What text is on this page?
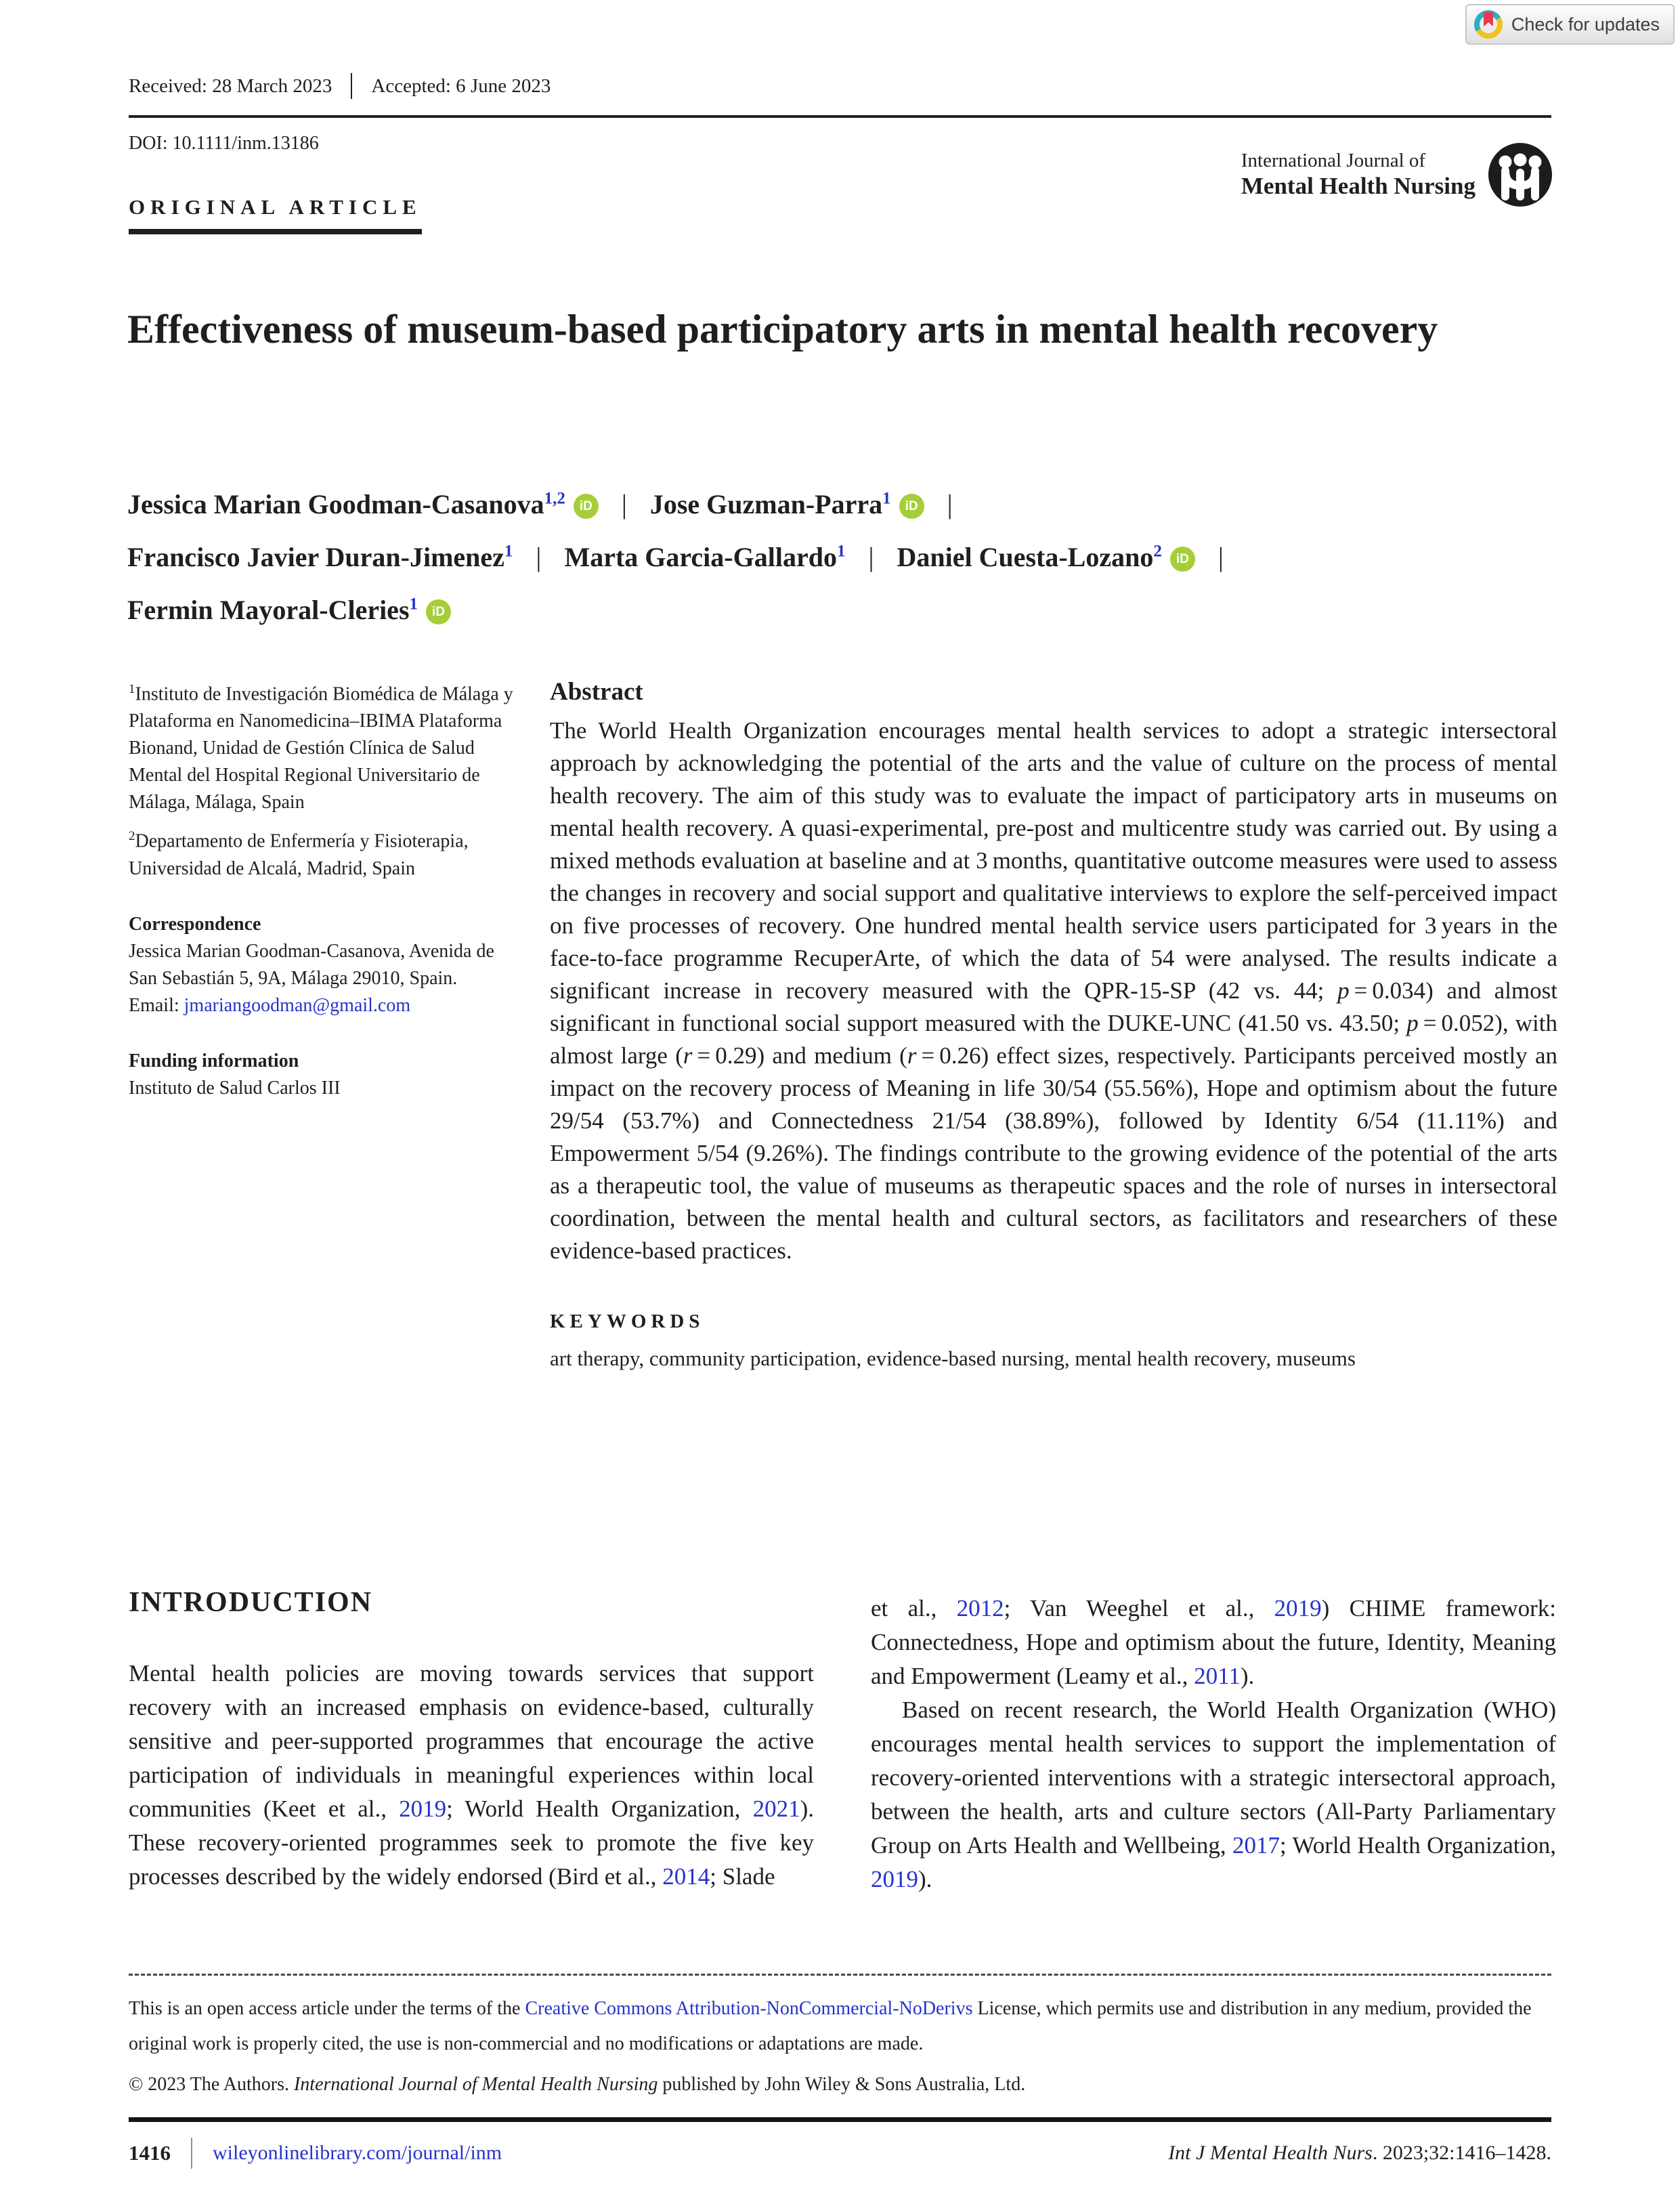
Check for updates
Received: 28 March 2023 Accepted: 6 June 2023
DOI: 10.1111/inm.13186
International Journal of
Mental Health Nursing
ORIGINAL ARTICLE
Effectiveness of museum-based participatory arts in mental health recovery
Jessica Marian Goodman-Casanova$^{1,2}$ iD | Jose Guzman-Parra$^1$ iD |
Francisco Javier Duran-Jimenez$^1$ | Marta Garcia-Gallardo$^1$ | Daniel Cuesta-Lozano$^2$ iD |
Fermin Mayoral-Cleries$^1$ iD

$^1$Instituto de Investigación Biomédica de Málaga y Plataforma en Nanomedicina–IBIMA Plataforma Bionand, Unidad de Gestión Clínica de Salud Mental del Hospital Regional Universitario de Málaga, Málaga, Spain

$^2$Departamento de Enfermería y Fisioterapia, Universidad de Alcalá, Madrid, Spain

Correspondence

Jessica Marian Goodman-Casanova, Avenida de San Sebastián 5, 9A, Málaga 29010, Spain.

Email: jmariangoodman@gmail.com

Funding information

Instituto de Salud Carlos III

Abstract

The World Health Organization encourages mental health services to adopt a strategic intersectoral approach by acknowledging the potential of the arts and the value of culture on the process of mental health recovery. The aim of this study was to evaluate the impact of participatory arts in museums on mental health recovery. A quasi-experimental, pre-post and multicentre study was carried out. By using a mixed methods evaluation at baseline and at 3 months, quantitative outcome measures were used to assess the changes in recovery and social support and qualitative interviews to explore the self-perceived impact on five processes of recovery. One hundred mental health service users participated for 3 years in the face-to-face programme RecuperArte, of which the data of 54 were analysed. The results indicate a significant increase in recovery measured with the QPR-15-SP (42 vs. 44; p = 0.034) and almost significant in functional social support measured with the DUKE-UNC (41.50 vs. 43.50; p = 0.052), with almost large (r = 0.29) and medium (r = 0.26) effect sizes, respectively. Participants perceived mostly an impact on the recovery process of Meaning in life 30/54 (55.56%), Hope and optimism about the future 29/54 (53.7%) and Connectedness 21/54 (38.89%), followed by Identity 6/54 (11.11%) and Empowerment 5/54 (9.26%). The findings contribute to the growing evidence of the potential of the arts as a therapeutic tool, the value of museums as therapeutic spaces and the role of nurses in intersectoral coordination, between the mental health and cultural sectors, as facilitators and researchers of these evidence-based practices.

KEYWORDS

art therapy, community participation, evidence-based nursing, mental health recovery, museums

INTRODUCTION

Mental health policies are moving towards services that support recovery with an increased emphasis on evidence-based, culturally sensitive and peer-supported programmes that encourage the active participation of individuals in meaningful experiences within local communities (Keet et al., 2019; World Health Organization, 2021). These recovery-oriented programmes seek to promote the five key processes described by the widely endorsed (Bird et al., 2014; Slade

et al., 2012; Van Weeghel et al., 2019) CHIME framework: Connectedness, Hope and optimism about the future, Identity, Meaning and Empowerment (Leamy et al., 2011).

Based on recent research, the World Health Organization (WHO) encourages mental health services to support the implementation of recovery-oriented interventions with a strategic intersectoral approach, between the health, arts and culture sectors (All-Party Parliamentary Group on Arts Health and Wellbeing, 2017; World Health Organization, 2019).

This is an open access article under the terms of the Creative Commons Attribution-NonCommercial-NoDerivs License, which permits use and distribution in any medium, provided the original work is properly cited, the use is non-commercial and no modifications or adaptations are made.

© 2023 The Authors. International Journal of Mental Health Nursing published by John Wiley & Sons Australia, Ltd.

1416 wileyonlinelibrary.com/journal/inm	Int J Mental Health Nurs. 2023;32:1416–1428.
